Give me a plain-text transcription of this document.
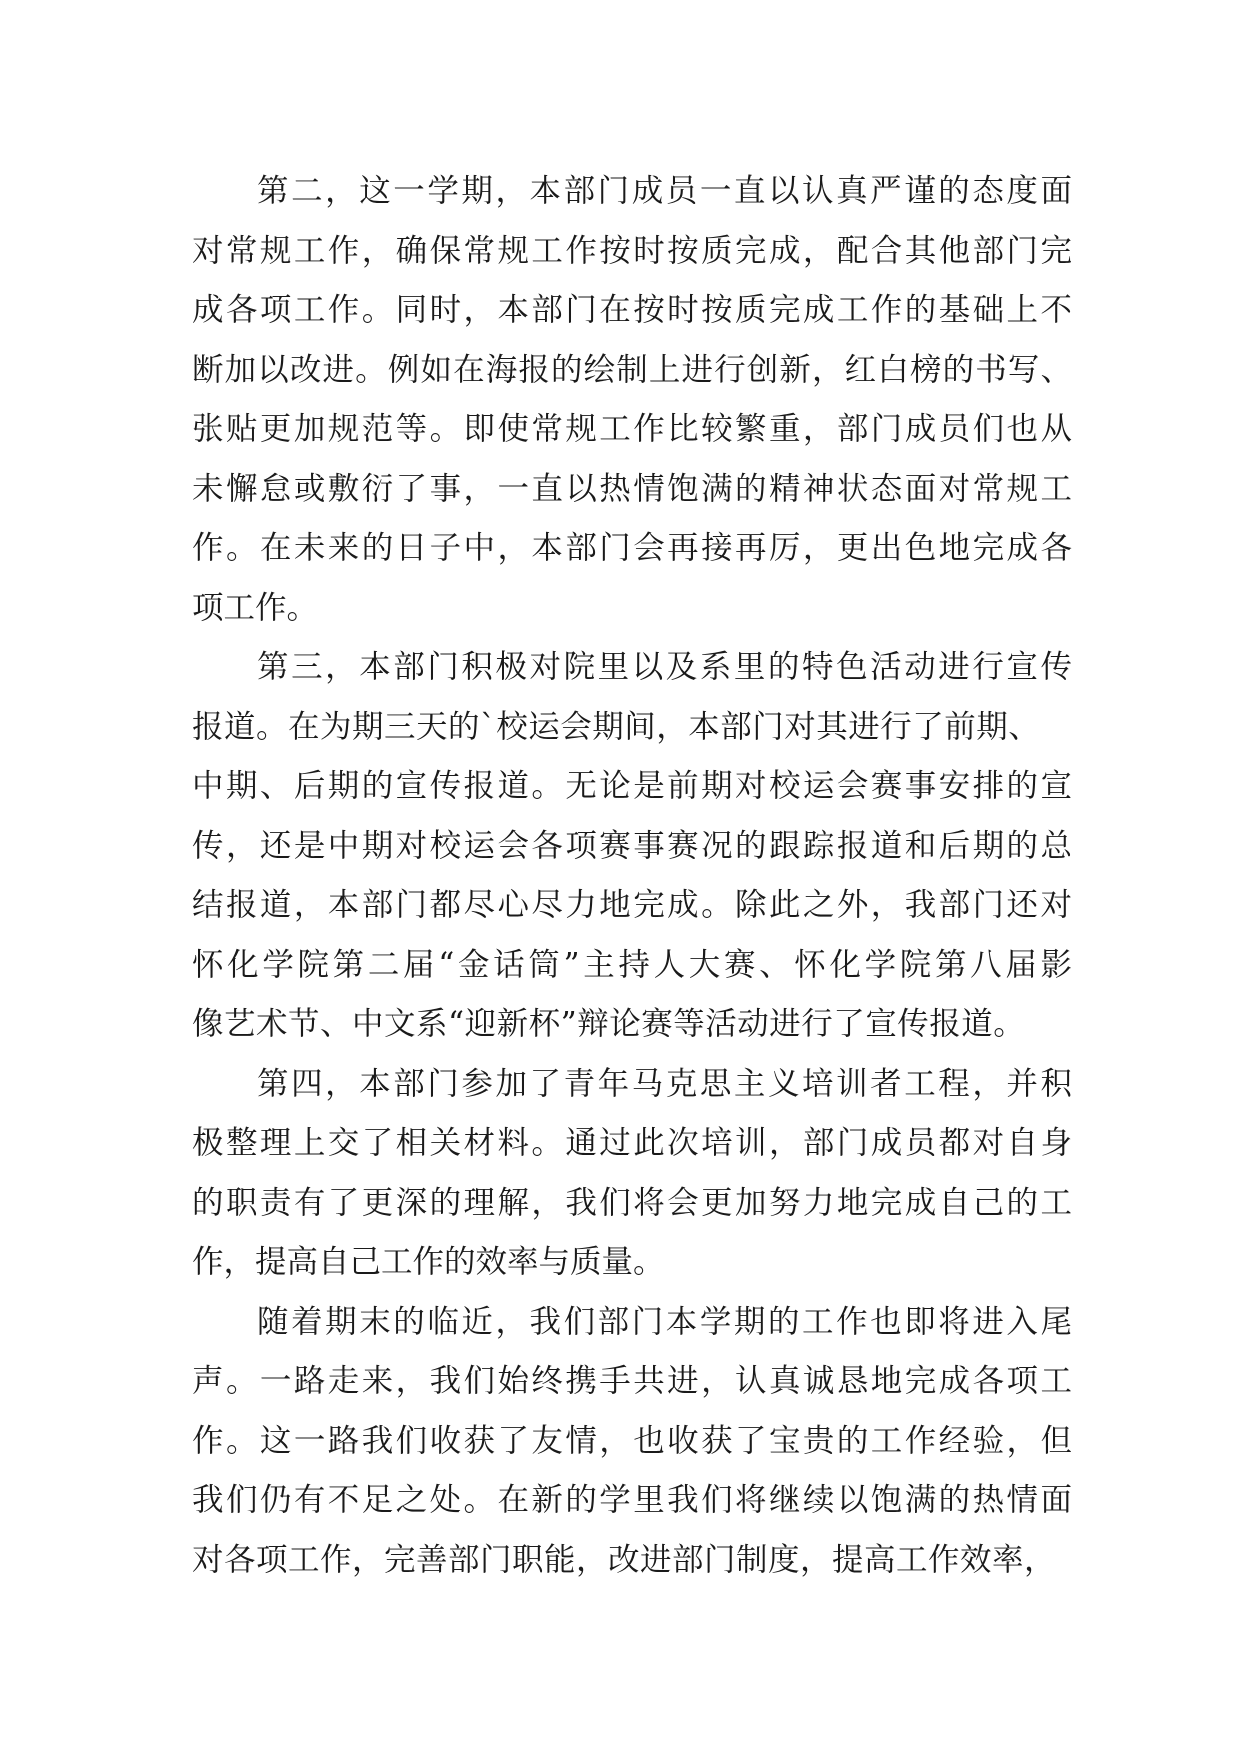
第二，这一学期，本部门成员一直以认真严谨的态度面
对常规工作，确保常规工作按时按质完成，配合其他部门完
成各项工作。同时，本部门在按时按质完成工作的基础上不
断加以改进。例如在海报的绘制上进行创新，红白榜的书写、
张贴更加规范等。即使常规工作比较繁重，部门成员们也从
未懈怠或敷衍了事，一直以热情饱满的精神状态面对常规工
作。在未来的日子中，本部门会再接再厉，更出色地完成各
项工作。
第三，本部门积极对院里以及系里的特色活动进行宣传
报道。在为期三天的`校运会期间，本部门对其进行了前期、
中期、后期的宣传报道。无论是前期对校运会赛事安排的宣
传，还是中期对校运会各项赛事赛况的跟踪报道和后期的总
结报道，本部门都尽心尽力地完成。除此之外，我部门还对
怀化学院第二届“金话筒”主持人大赛、怀化学院第八届影
像艺术节、中文系“迎新杯”辩论赛等活动进行了宣传报道。
第四，本部门参加了青年马克思主义培训者工程，并积
极整理上交了相关材料。通过此次培训，部门成员都对自身
的职责有了更深的理解，我们将会更加努力地完成自己的工
作，提高自己工作的效率与质量。
随着期末的临近，我们部门本学期的工作也即将进入尾
声。一路走来，我们始终携手共进，认真诚恳地完成各项工
作。这一路我们收获了友情，也收获了宝贵的工作经验，但
我们仍有不足之处。在新的学里我们将继续以饱满的热情面
对各项工作，完善部门职能，改进部门制度，提高工作效率，
